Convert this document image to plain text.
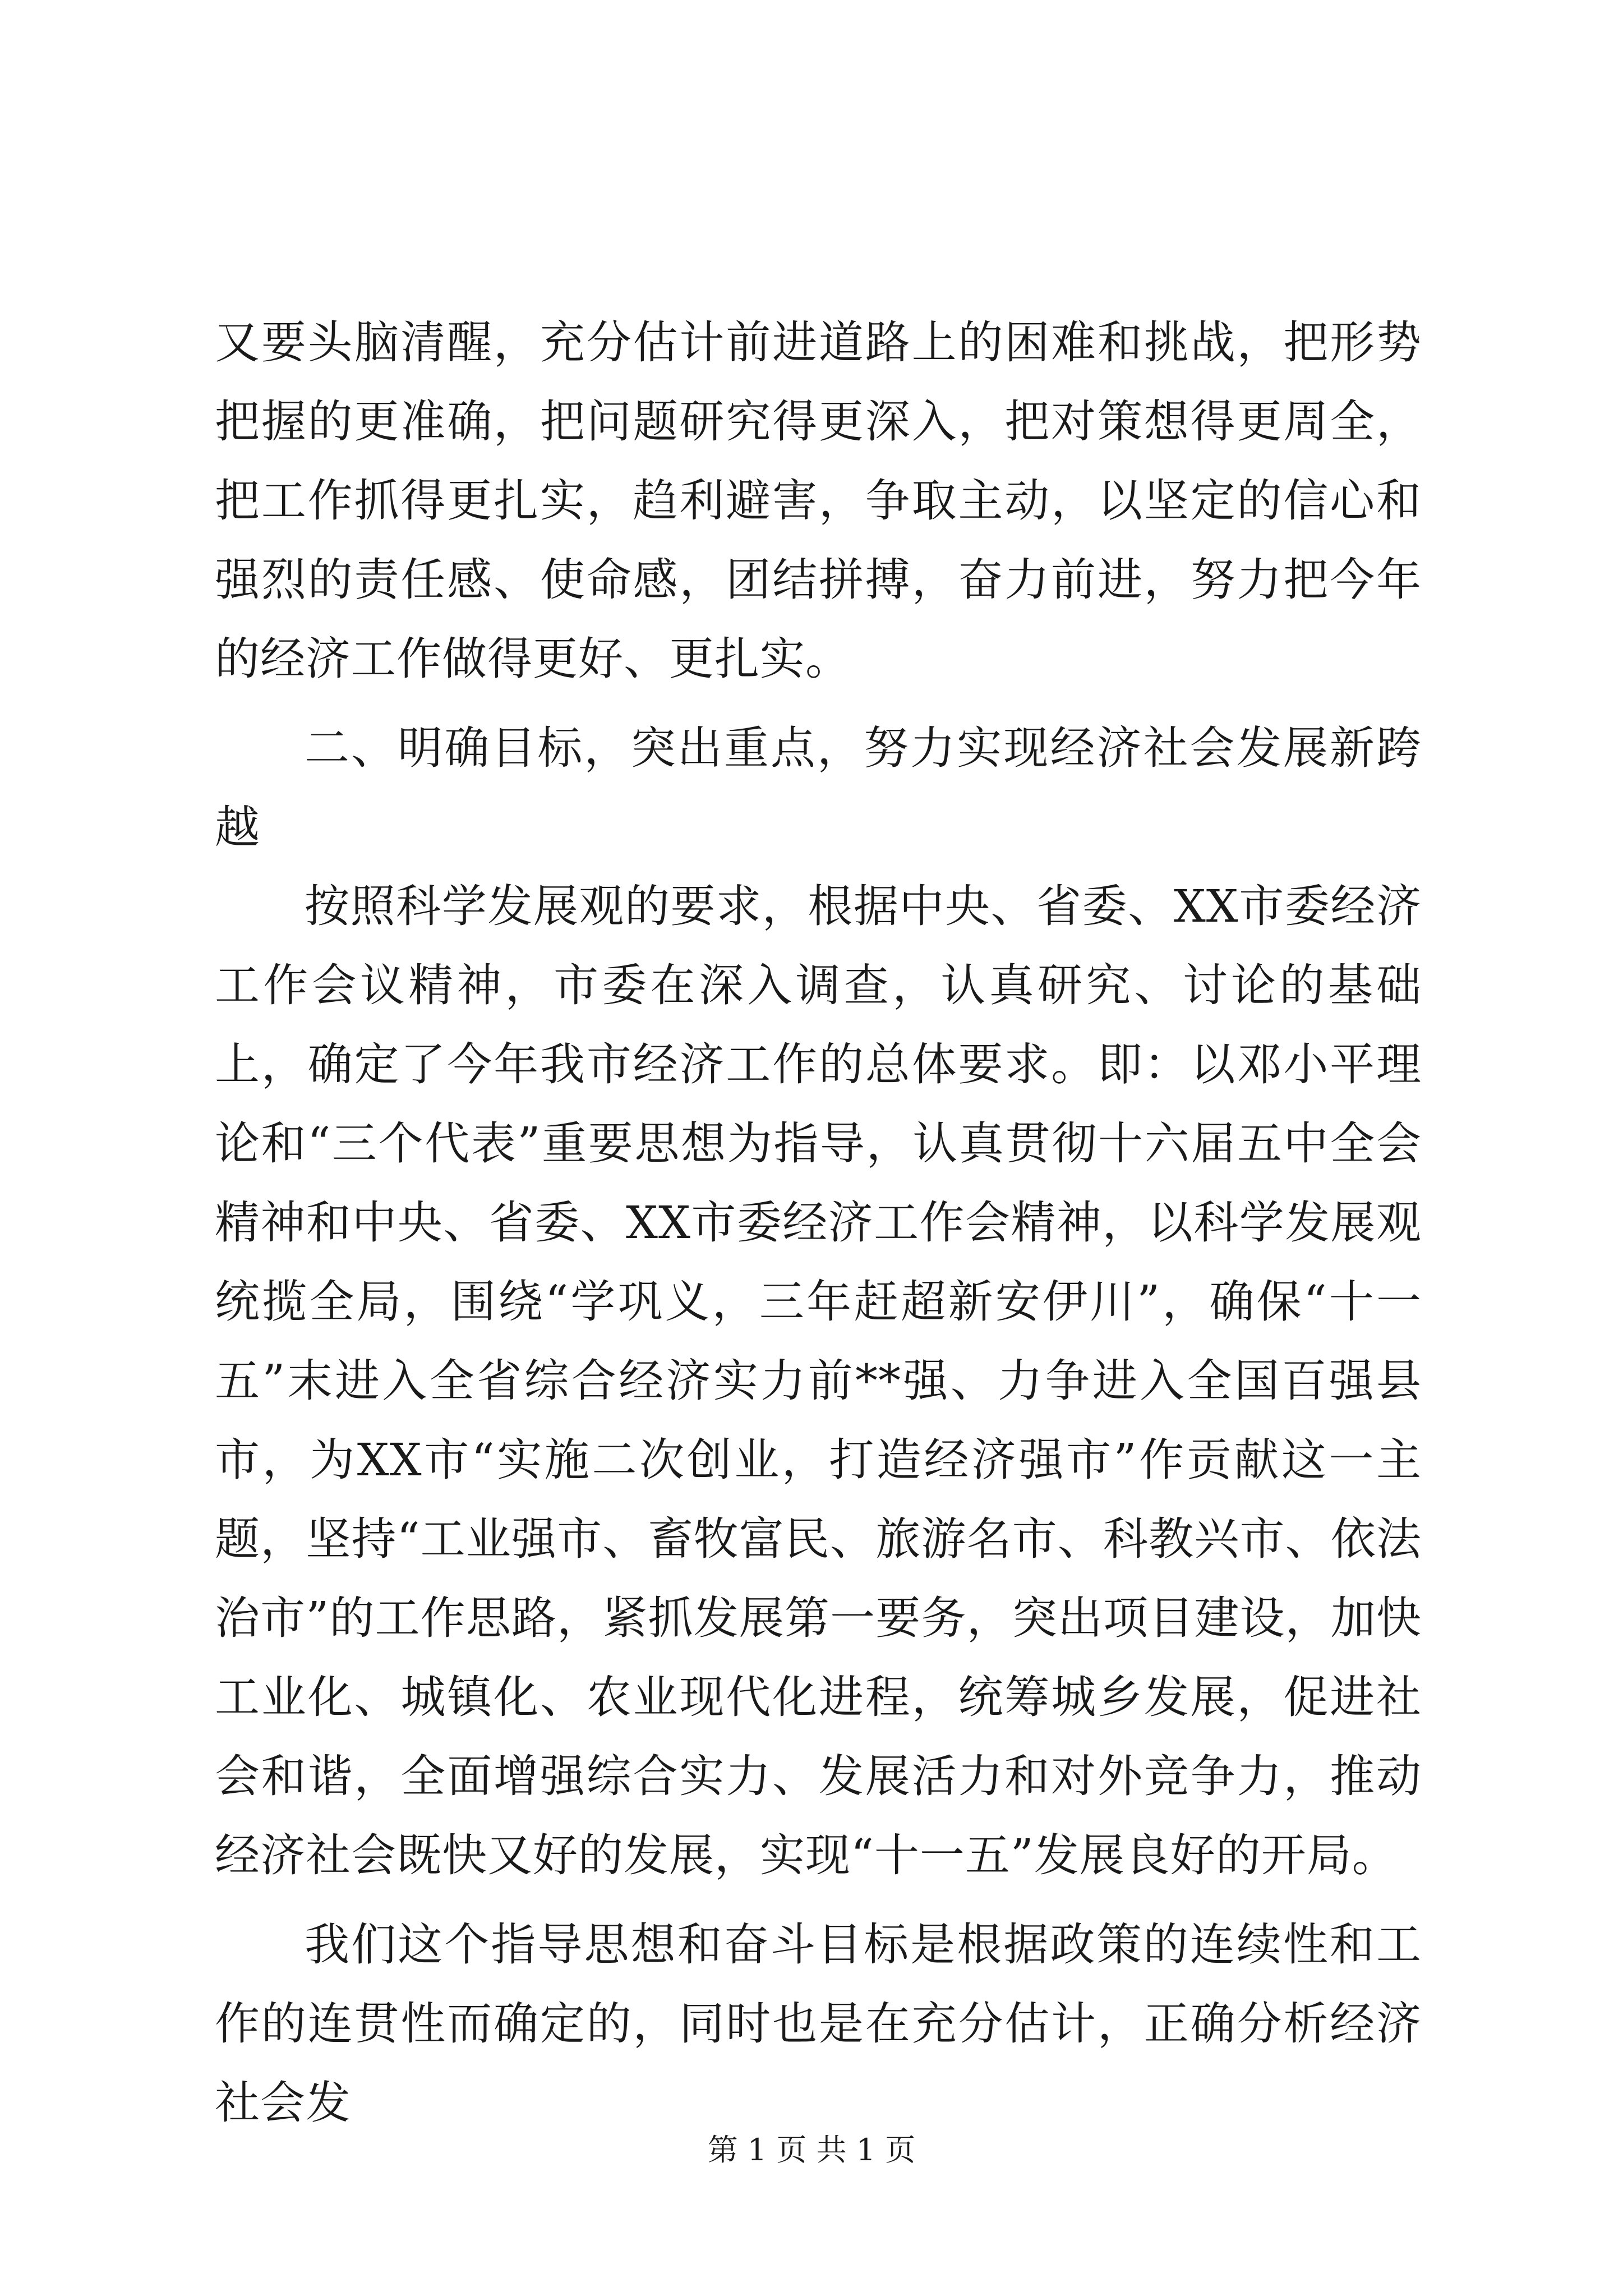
又要头脑清醒，充分估计前进道路上的困难和挑战，把形势把握的更准确，把问题研究得更深入，把对策想得更周全，把工作抓得更扎实，趋利避害，争取主动，以坚定的信心和强烈的责任感、使命感，团结拼搏，奋力前进，努力把今年的经济工作做得更好、更扎实。

二、明确目标，突出重点，努力实现经济社会发展新跨越

按照科学发展观的要求，根据中央、省委、XX市委经济工作会议精神，市委在深入调查，认真研究、讨论的基础上，确定了今年我市经济工作的总体要求。即：以邓小平理论和“三个代表”重要思想为指导，认真贯彻十六届五中全会精神和中央、省委、XX市委经济工作会精神，以科学发展观统揽全局，围绕“学巩义，三年赶超新安伊川”，确保“十一五”末进入全省综合经济实力前**强、力争进入全国百强县市，为XX市“实施二次创业，打造经济强市”作贡献这一主题，坚持“工业强市、畜牧富民、旅游名市、科教兴市、依法治市”的工作思路，紧抓发展第一要务，突出项目建设，加快工业化、城镇化、农业现代化进程，统筹城乡发展，促进社会和谐，全面增强综合实力、发展活力和对外竞争力，推动经济社会既快又好的发展，实现“十一五”发展良好的开局。

我们这个指导思想和奋斗目标是根据政策的连续性和工作的连贯性而确定的，同时也是在充分估计，正确分析经济社会发

第 1 页 共 1 页
